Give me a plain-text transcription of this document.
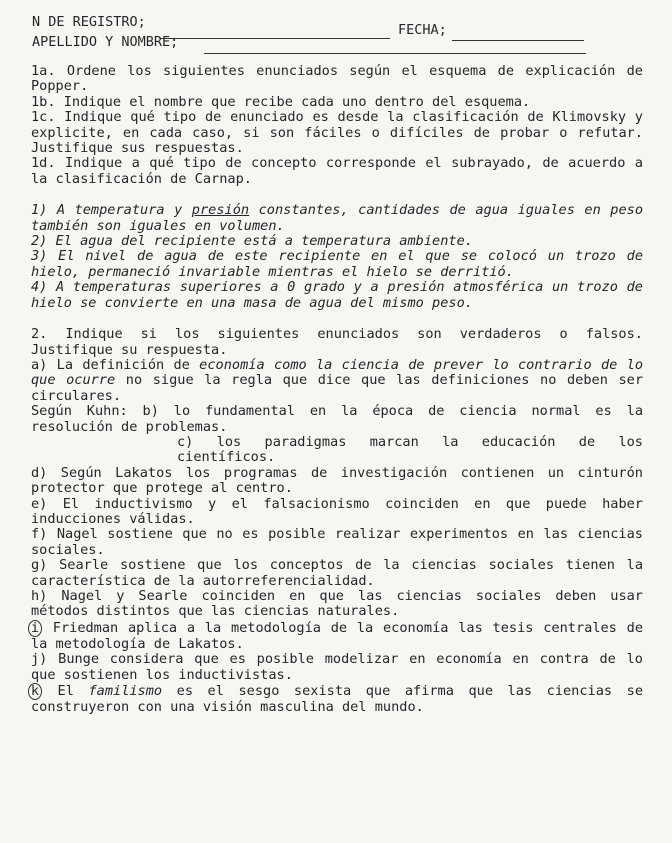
N DE REGISTRO;	FECHA;
APELLIDO Y NOMBRE;

1a. Ordene los siguientes enunciados según el esquema de explicación de Popper.

1b. Indique el nombre que recibe cada uno dentro del esquema.

1c. Indique qué tipo de enunciado es desde la clasificación de Klimovsky y explicite, en cada caso, si son fáciles o difíciles de probar o refutar. Justifique sus respuestas.

1d. Indique a qué tipo de concepto corresponde el subrayado, de acuerdo a la clasificación de Carnap.

1) A temperatura y presión constantes, cantidades de agua iguales en peso también son iguales en volumen.

2) El agua del recipiente está a temperatura ambiente.

3) El nivel de agua de este recipiente en el que se colocó un trozo de hielo, permaneció invariable mientras el hielo se derritió.

4) A temperaturas superiores a 0 grado y a presión atmosférica un trozo de hielo se convierte en una masa de agua del mismo peso.

2. Indique si los siguientes enunciados son verdaderos o falsos. Justifique su respuesta.

a) La definición de economía como la ciencia de prever lo contrario de lo que ocurre no sigue la regla que dice que las definiciones no deben ser circulares.

Según Kuhn: b) lo fundamental en la época de ciencia normal es la resolución de problemas.

c) los paradigmas marcan la educación de los científicos.

d) Según Lakatos los programas de investigación contienen un cinturón protector que protege al centro.

e) El inductivismo y el falsacionismo coinciden en que puede haber inducciones válidas.

f) Nagel sostiene que no es posible realizar experimentos en las ciencias sociales.

g) Searle sostiene que los conceptos de la ciencias sociales tienen la característica de la autorreferencialidad.

h) Nagel y Searle coinciden en que las ciencias sociales deben usar métodos distintos que las ciencias naturales.

i Friedman aplica a la metodología de la economía las tesis centrales de la metodología de Lakatos.

j) Bunge considera que es posible modelizar en economía en contra de lo que sostienen los inductivistas.

k El familismo es el sesgo sexista que afirma que las ciencias se construyeron con una visión masculina del mundo.
